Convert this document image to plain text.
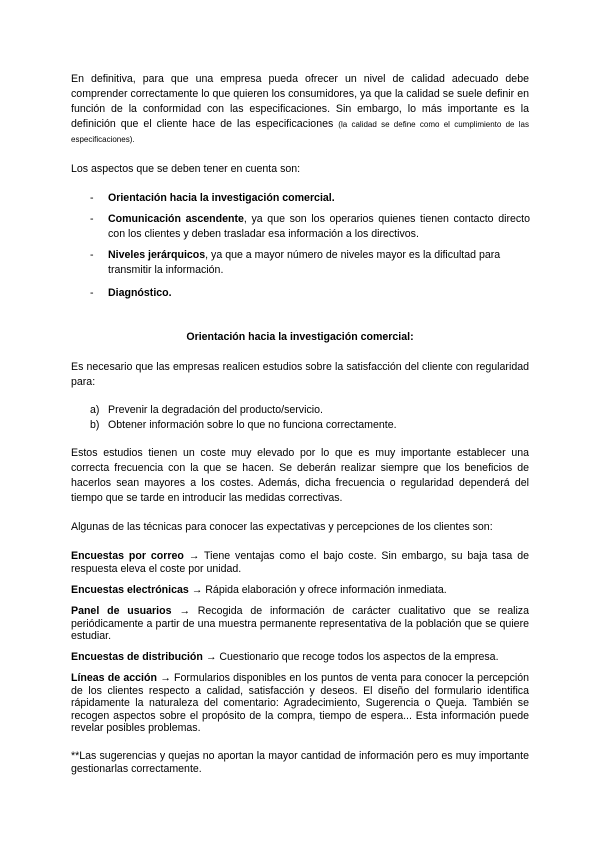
En definitiva, para que una empresa pueda ofrecer un nivel de calidad adecuado debe comprender correctamente lo que quieren los consumidores, ya que la calidad se suele definir en función de la conformidad con las especificaciones. Sin embargo, lo más importante es la definición que el cliente hace de las especificaciones (la calidad se define como el cumplimiento de las especificaciones).

Los aspectos que se deben tener en cuenta son:

- Orientación hacia la investigación comercial.
- Comunicación ascendente, ya que son los operarios quienes tienen contacto directo con los clientes y deben trasladar esa información a los directivos.
- Niveles jerárquicos, ya que a mayor número de niveles mayor es la dificultad para transmitir la información.
- Diagnóstico.

Orientación hacia la investigación comercial:

Es necesario que las empresas realicen estudios sobre la satisfacción del cliente con regularidad para:

a) Prevenir la degradación del producto/servicio.
b) Obtener información sobre lo que no funciona correctamente.

Estos estudios tienen un coste muy elevado por lo que es muy importante establecer una correcta frecuencia con la que se hacen. Se deberán realizar siempre que los beneficios de hacerlos sean mayores a los costes. Además, dicha frecuencia o regularidad dependerá del tiempo que se tarde en introducir las medidas correctivas.

Algunas de las técnicas para conocer las expectativas y percepciones de los clientes son:

Encuestas por correo → Tiene ventajas como el bajo coste. Sin embargo, su baja tasa de respuesta eleva el coste por unidad.

Encuestas electrónicas → Rápida elaboración y ofrece información inmediata.

Panel de usuarios → Recogida de información de carácter cualitativo que se realiza periódicamente a partir de una muestra permanente representativa de la población que se quiere estudiar.

Encuestas de distribución → Cuestionario que recoge todos los aspectos de la empresa.

Líneas de acción → Formularios disponibles en los puntos de venta para conocer la percepción de los clientes respecto a calidad, satisfacción y deseos. El diseño del formulario identifica rápidamente la naturaleza del comentario: Agradecimiento, Sugerencia o Queja. También se recogen aspectos sobre el propósito de la compra, tiempo de espera... Esta información puede revelar posibles problemas.

**Las sugerencias y quejas no aportan la mayor cantidad de información pero es muy importante gestionarlas correctamente.
